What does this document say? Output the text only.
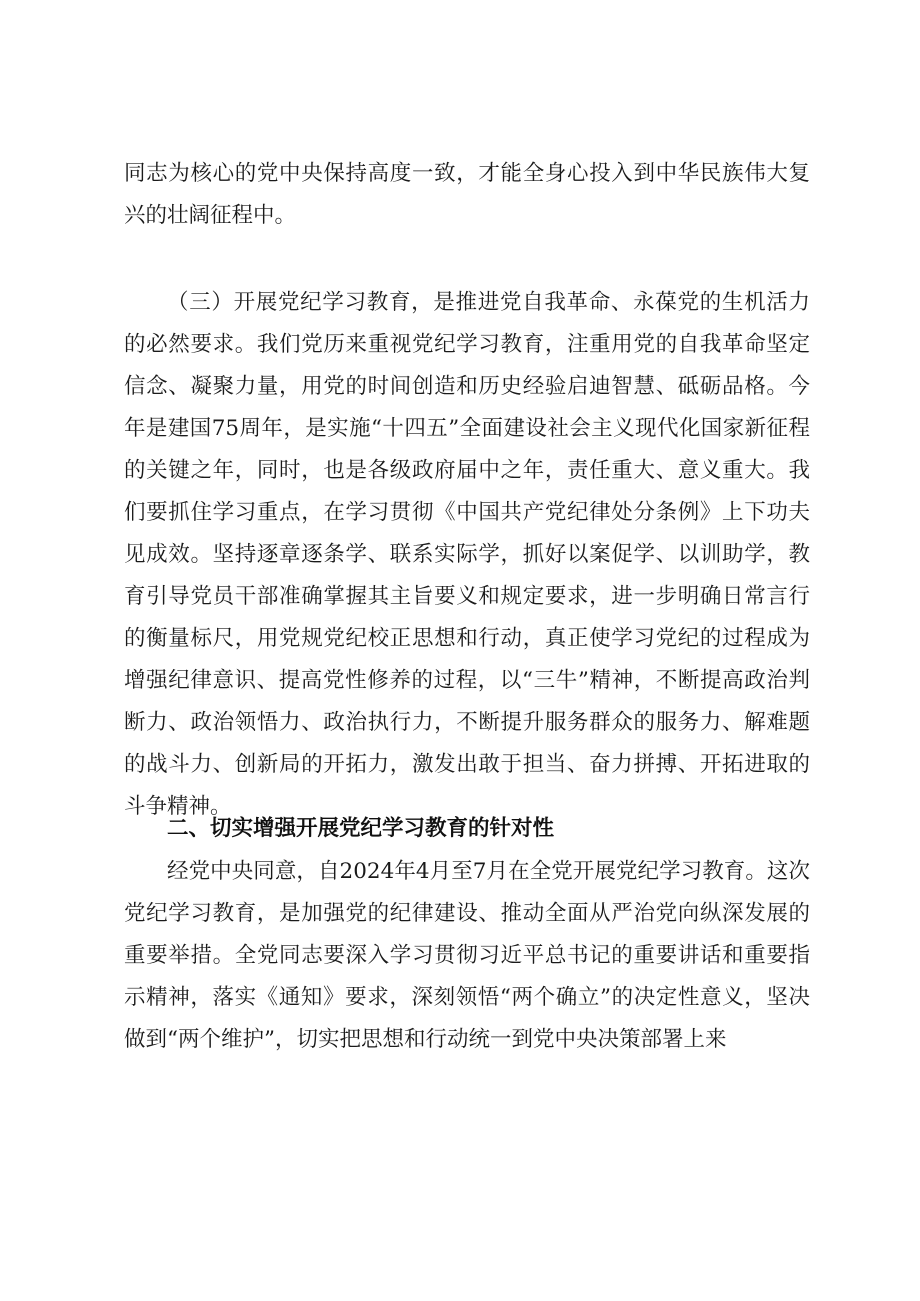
同志为核心的党中央保持高度一致，才能全身心投入到中华民族伟大复兴的壮阔征程中。

（三）开展党纪学习教育，是推进党自我革命、永葆党的生机活力的必然要求。我们党历来重视党纪学习教育，注重用党的自我革命坚定信念、凝聚力量，用党的时间创造和历史经验启迪智慧、砥砺品格。今年是建国75周年，是实施“十四五”全面建设社会主义现代化国家新征程的关键之年，同时，也是各级政府届中之年，责任重大、意义重大。我们要抓住学习重点，在学习贯彻《中国共产党纪律处分条例》上下功夫见成效。坚持逐章逐条学、联系实际学，抓好以案促学、以训助学，教育引导党员干部准确掌握其主旨要义和规定要求，进一步明确日常言行的衡量标尺，用党规党纪校正思想和行动，真正使学习党纪的过程成为增强纪律意识、提高党性修养的过程，以“三牛”精神，不断提高政治判断力、政治领悟力、政治执行力，不断提升服务群众的服务力、解难题的战斗力、创新局的开拓力，激发出敢于担当、奋力拼搏、开拓进取的斗争精神。

二、切实增强开展党纪学习教育的针对性

经党中央同意，自2024年4月至7月在全党开展党纪学习教育。这次党纪学习教育，是加强党的纪律建设、推动全面从严治党向纵深发展的重要举措。全党同志要深入学习贯彻习近平总书记的重要讲话和重要指示精神，落实《通知》要求，深刻领悟“两个确立”的决定性意义，坚决做到“两个维护”，切实把思想和行动统一到党中央决策部署上来
